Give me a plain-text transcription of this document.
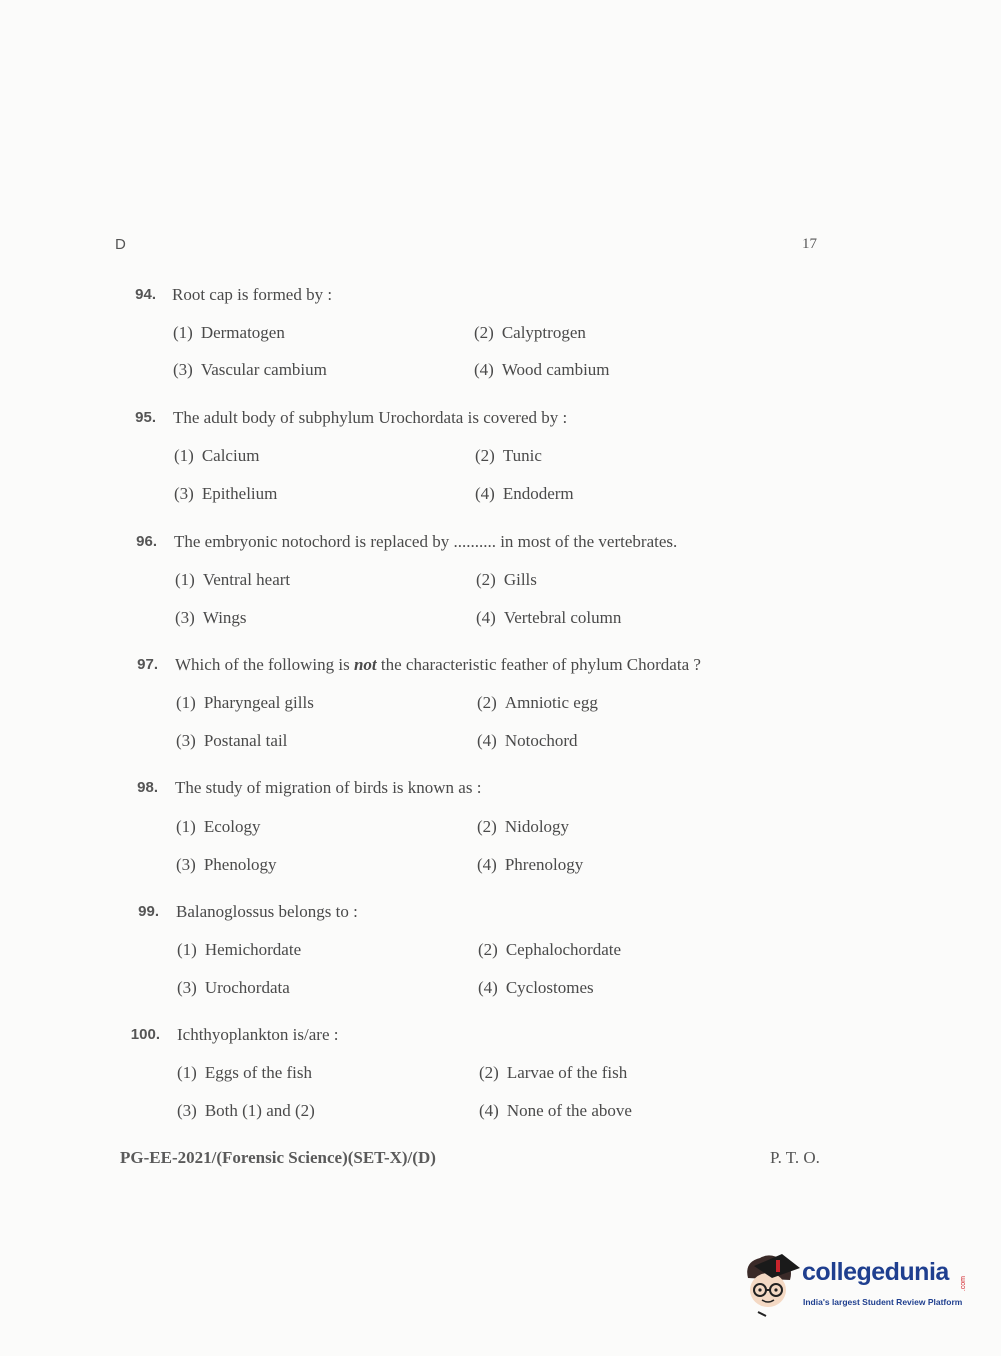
D	17
94. Root cap is formed by :
(1) Dermatogen	(2) Calyptrogen
(3) Vascular cambium	(4) Wood cambium
95. The adult body of subphylum Urochordata is covered by :
(1) Calcium	(2) Tunic
(3) Epithelium	(4) Endoderm
96. The embryonic notochord is replaced by .......... in most of the vertebrates.
(1) Ventral heart	(2) Gills
(3) Wings	(4) Vertebral column
97. Which of the following is not the characteristic feather of phylum Chordata ?
(1) Pharyngeal gills	(2) Amniotic egg
(3) Postanal tail	(4) Notochord
98. The study of migration of birds is known as :
(1) Ecology	(2) Nidology
(3) Phenology	(4) Phrenology
99. Balanoglossus belongs to :
(1) Hemichordate	(2) Cephalochordate
(3) Urochordata	(4) Cyclostomes
100. Ichthyoplankton is/are :
(1) Eggs of the fish	(2) Larvae of the fish
(3) Both (1) and (2)	(4) None of the above
PG-EE-2021/(Forensic Science)(SET-X)/(D)	P. T. O.
collegedunia .com
India's largest Student Review Platform
